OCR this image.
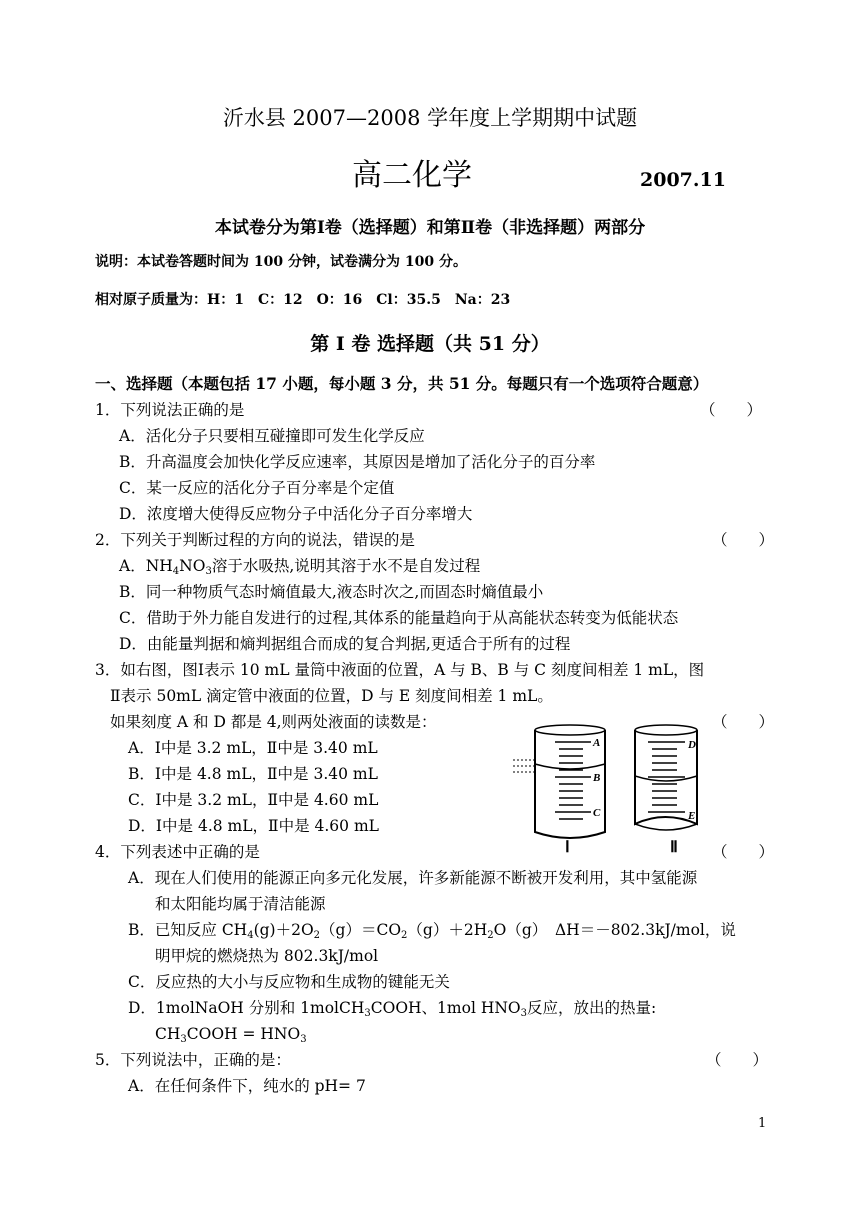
沂水县 2007—2008 学年度上学期期中试题
高二化学	2007.11
本试卷分为第Ⅰ卷（选择题）和第Ⅱ卷（非选择题）两部分
说明：本试卷答题时间为 100 分钟，试卷满分为 100 分。
相对原子质量为：H：1　C：12　O：16　Cl：35.5　Na：23
第 I 卷 选择题（共 51 分）
一、选择题（本题包括 17 小题，每小题 3 分，共 51 分。每题只有一个选项符合题意）
1．下列说法正确的是	（　　）
A．活化分子只要相互碰撞即可发生化学反应
B．升高温度会加快化学反应速率，其原因是增加了活化分子的百分率
C．某一反应的活化分子百分率是个定值
D．浓度增大使得反应物分子中活化分子百分率增大
2．下列关于判断过程的方向的说法，错误的是	（　　）
A．$NH_4NO_3$溶于水吸热,说明其溶于水不是自发过程
B．同一种物质气态时熵值最大,液态时次之,而固态时熵值最小
C．借助于外力能自发进行的过程,其体系的能量趋向于从高能状态转变为低能状态
D．由能量判据和熵判据组合而成的复合判据,更适合于所有的过程
3．如右图，图Ⅰ表示 10 mL 量筒中液面的位置，A 与 B、B 与 C 刻度间相差 1 mL，图
Ⅱ表示 50mL 滴定管中液面的位置，D 与 E 刻度间相差 1 mL。
如果刻度 A 和 D 都是 4,则两处液面的读数是：	（　　）
A．Ⅰ中是 3.2 mL，Ⅱ中是 3.40 mL
B．Ⅰ中是 4.8 mL，Ⅱ中是 3.40 mL
C．Ⅰ中是 3.2 mL，Ⅱ中是 4.60 mL
D．Ⅰ中是 4.8 mL，Ⅱ中是 4.60 mL
A
B
C
D
E
Ⅰ	Ⅱ
4．下列表述中正确的是	（　　）
A．现在人们使用的能源正向多元化发展，许多新能源不断被开发利用，其中氢能源
和太阳能均属于清洁能源
B．已知反应 $CH_4(g)+2O_2(g)=CO_2(g)+2H_2O(g)$　ΔH＝－802.3kJ/mol，说
明甲烷的燃烧热为 802.3kJ/mol
C．反应热的大小与反应物和生成物的键能无关
D．1molNaOH 分别和 1molCH$_3$COOH、1mol $HNO_3$反应，放出的热量:
$CH_3COOH = HNO_3$
5．下列说法中，正确的是：	（　　）
A．在任何条件下，纯水的 pH= 7
1
